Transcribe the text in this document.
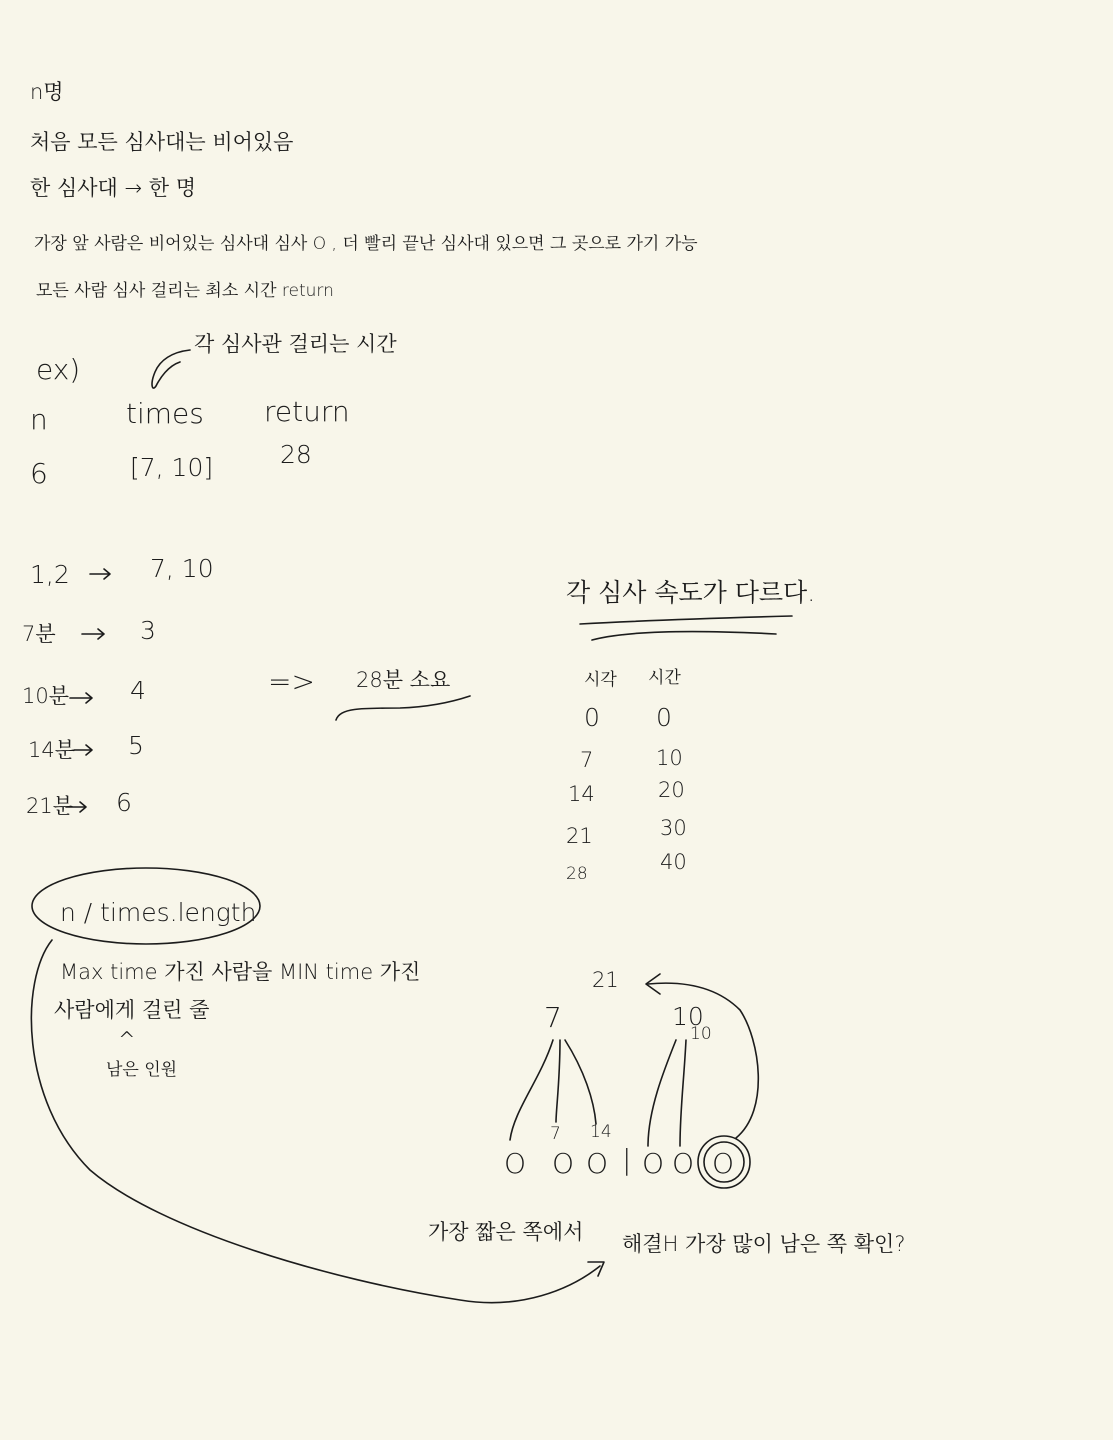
n명
처음 모든 심사대는 비어있음
한 심사대 → 한 명
가장 앞 사람은 비어있는 심사대 심사 O , 더 빨리 끝난 심사대 있으면 그 곳으로 가기 가능
모든 사람 심사 걸리는 최소 시간 return
ex)
각 심사관 걸리는 시간
n	times return
6	[7, 10]	28
1,2	7, 10
7분	3
10분 4
14분 5
21분 6
=> 28분 소요
각 심사 속도가 다르다.
시각 시간
0 0
7	10
14	20
21	30
28	40
n / times.length
Max time 가진 사람을 MIN time 가진
사람에게 걸린 줄
^
남은 인원
21
7	10
10
7 14
O O O | O O O
가장 짧은 쪽에서 해결H 가장 많이 남은 쪽 확인?
